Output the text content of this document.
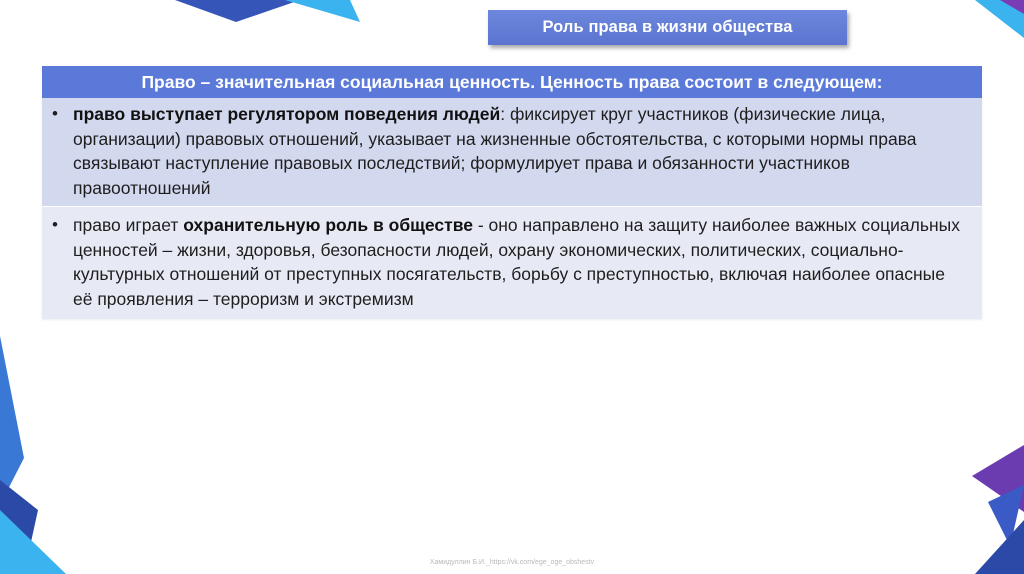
Роль права в жизни общества
Право – значительная социальная ценность. Ценность права состоит в следующем:
• право выступает регулятором поведения людей: фиксирует круг участников (физические лица, организации) правовых отношений, указывает на жизненные обстоятельства, с которыми нормы права связывают наступление правовых последствий; формулирует права и обязанности участников правоотношений
• право играет охранительную роль в обществе - оно направлено на защиту наиболее важных социальных ценностей – жизни, здоровья, безопасности людей, охрану экономических, политических, социально-культурных отношений от преступных посягательств, борьбу с преступностью, включая наиболее опасные её проявления – терроризм и экстремизм
Хамидуллин Б.И._https://vk.com/ege_oge_obshestv
